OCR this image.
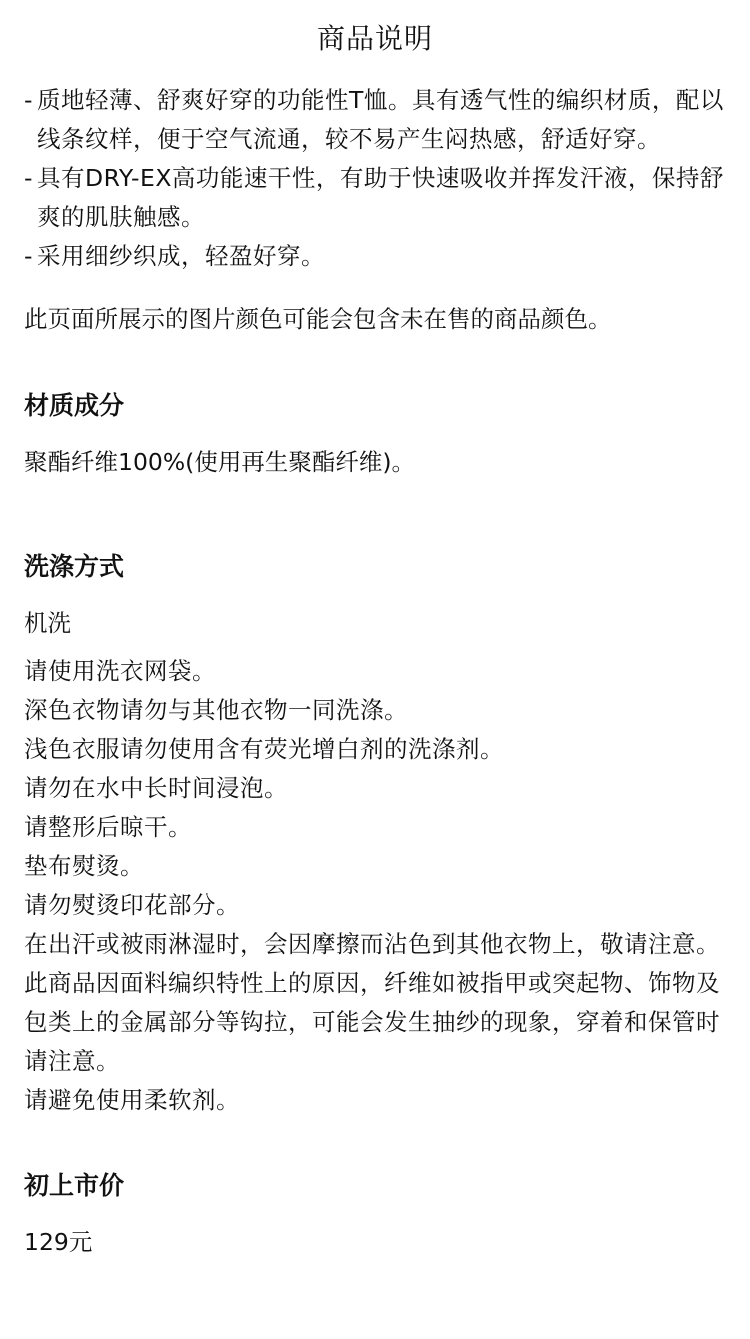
商品说明
- 质地轻薄、舒爽好穿的功能性T恤。具有透气性的编织材质，配以线条纹样，便于空气流通，较不易产生闷热感，舒适好穿。
- 具有DRY-EX高功能速干性，有助于快速吸收并挥发汗液，保持舒爽的肌肤触感。
- 采用细纱织成，轻盈好穿。

此页面所展示的图片颜色可能会包含未在售的商品颜色。

材质成分

聚酯纤维100%(使用再生聚酯纤维)。

洗涤方式

机洗

请使用洗衣网袋。
深色衣物请勿与其他衣物一同洗涤。
浅色衣服请勿使用含有荧光增白剂的洗涤剂。
请勿在水中长时间浸泡。
请整形后晾干。
垫布熨烫。
请勿熨烫印花部分。
在出汗或被雨淋湿时，会因摩擦而沾色到其他衣物上，敬请注意。
此商品因面料编织特性上的原因，纤维如被指甲或突起物、饰物及包类上的金属部分等钩拉，可能会发生抽纱的现象，穿着和保管时请注意。
请避免使用柔软剂。
初上市价

129元
